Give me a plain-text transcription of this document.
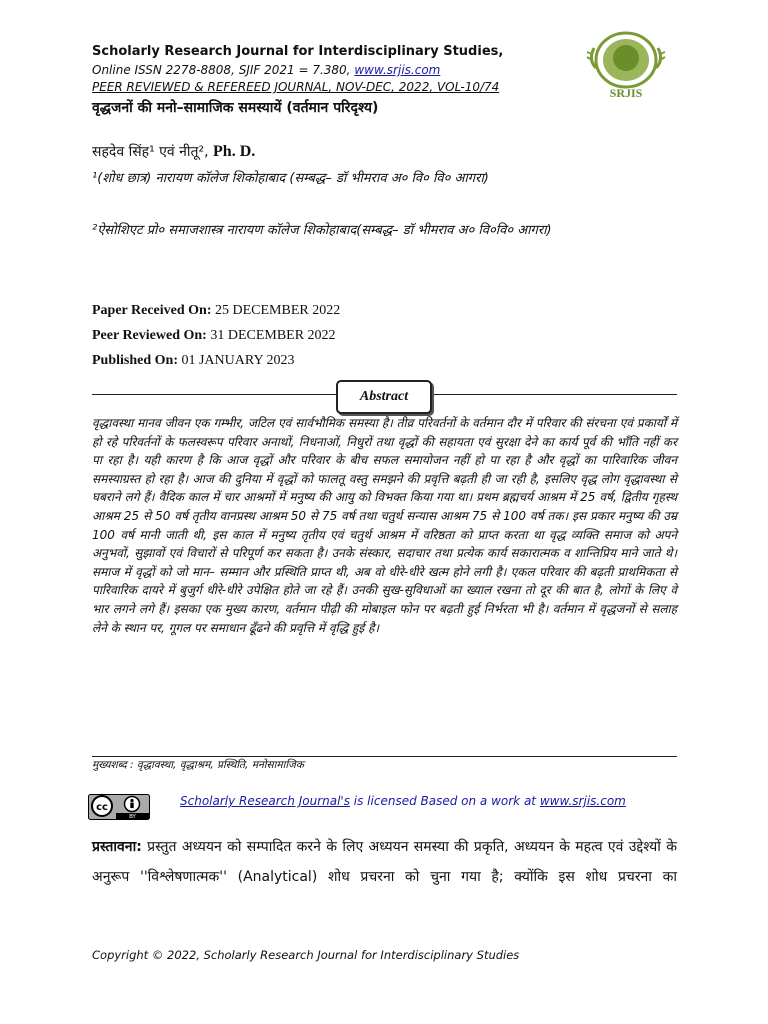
Scholarly Research Journal for Interdisciplinary Studies,
Online ISSN 2278-8808, SJIF 2021 = 7.380, www.srjis.com
PEER REVIEWED & REFEREED JOURNAL, NOV-DEC, 2022, VOL-10/74	SRJIS
वृद्धजनों की मनो–सामाजिक समस्यायें (वर्तमान परिदृश्य)
सहदेव सिंह¹ एवं नीतू², Ph. D.
¹(शोध छात्र) नारायण कॉलेज शिकोहाबाद (सम्बद्ध– डॉ भीमराव अ० वि० वि० आगरा)
²ऐसोशिएट प्रो० समाजशास्त्र नारायण कॉलेज शिकोहाबाद(सम्बद्ध– डॉ भीमराव अ० वि०वि० आगरा)
Paper Received On: 25 DECEMBER 2022
Peer Reviewed On: 31 DECEMBER 2022
Published On: 01 JANUARY 2023
Abstract
वृद्धावस्था मानव जीवन एक गम्भीर, जटिल एवं सार्वभौमिक समस्या है। तीव्र परिवर्तनों के वर्तमान दौर में परिवार की संरचना एवं प्रकार्यों में हो रहे परिवर्तनों के फलस्वरूप परिवार अनाथों, निधनाओं, निधुरों तथा वृद्धों की सहायता एवं सुरक्षा देने का कार्य पूर्व की भाँति नहीं कर पा रहा है। यही कारण है कि आज वृद्धों और परिवार के बीच सफल समायोजन नहीं हो पा रहा है और वृद्धों का पारिवारिक जीवन समस्याग्रस्त हो रहा है। आज की दुनिया में वृद्धों को फालतू वस्तु समझने की प्रवृत्ति बढ़ती ही जा रही है, इसलिए वृद्ध लोग वृद्धावस्था से घबराने लगे हैं। वैदिक काल में चार आश्रमों में मनुष्य की आयु को विभक्त किया गया था। प्रथम ब्रह्मचर्य आश्रम में 25 वर्ष, द्वितीय गृहस्थ आश्रम 25 से 50 वर्ष तृतीय वानप्रस्थ आश्रम 50 से 75 वर्ष तथा चतुर्थ सन्यास आश्रम 75 से 100 वर्ष तक। इस प्रकार मनुष्य की उम्र 100 वर्ष मानी जाती थी, इस काल में मनुष्य तृतीय एवं चतुर्थ आश्रम में वरिष्ठता को प्राप्त करता था वृद्ध व्यक्ति समाज को अपने अनुभवों, सुझावों एवं विचारों से परिपूर्ण कर सकता है। उनके संस्कार, सदाचार तथा प्रत्येक कार्य सकारात्मक व शान्तिप्रिय माने जाते थे। समाज में वृद्धों को जो मान– सम्मान और प्रस्थिति प्राप्त थी, अब वो धीरे-धीरे खत्म होने लगी है। एकल परिवार की बढ़ती प्राथमिकता से पारिवारिक दायरे में बुजुर्ग धीरे-धीरे उपेक्षित होते जा रहे हैं। उनकी सुख-सुविधाओं का ख्याल रखना तो दूर की बात है, लोगों के लिए वे भार लगने लगे हैं। इसका एक मुख्य कारण, वर्तमान पीढ़ी की मोबाइल फोन पर बढ़ती हुई निर्भरता भी है। वर्तमान में वृद्धजनों से सलाह लेने के स्थान पर, गूगल पर समाधान ढूँढने की प्रवृत्ति में वृद्धि हुई है।
मुख्यशब्द : वृद्धावस्था, वृद्धाश्रम, प्रस्थिति, मनोसामाजिक
cc
BY
Scholarly Research Journal's is licensed Based on a work at www.srjis.com
प्रस्तावना: प्रस्तुत अध्ययन को सम्पादित करने के लिए अध्ययन समस्या की प्रकृति, अध्ययन के महत्व एवं उद्देश्यों के अनुरूप ''विश्लेषणात्मक'' (Analytical) शोध प्रचरना को चुना गया है; क्योंकि इस शोध प्रचरना का
Copyright © 2022, Scholarly Research Journal for Interdisciplinary Studies
